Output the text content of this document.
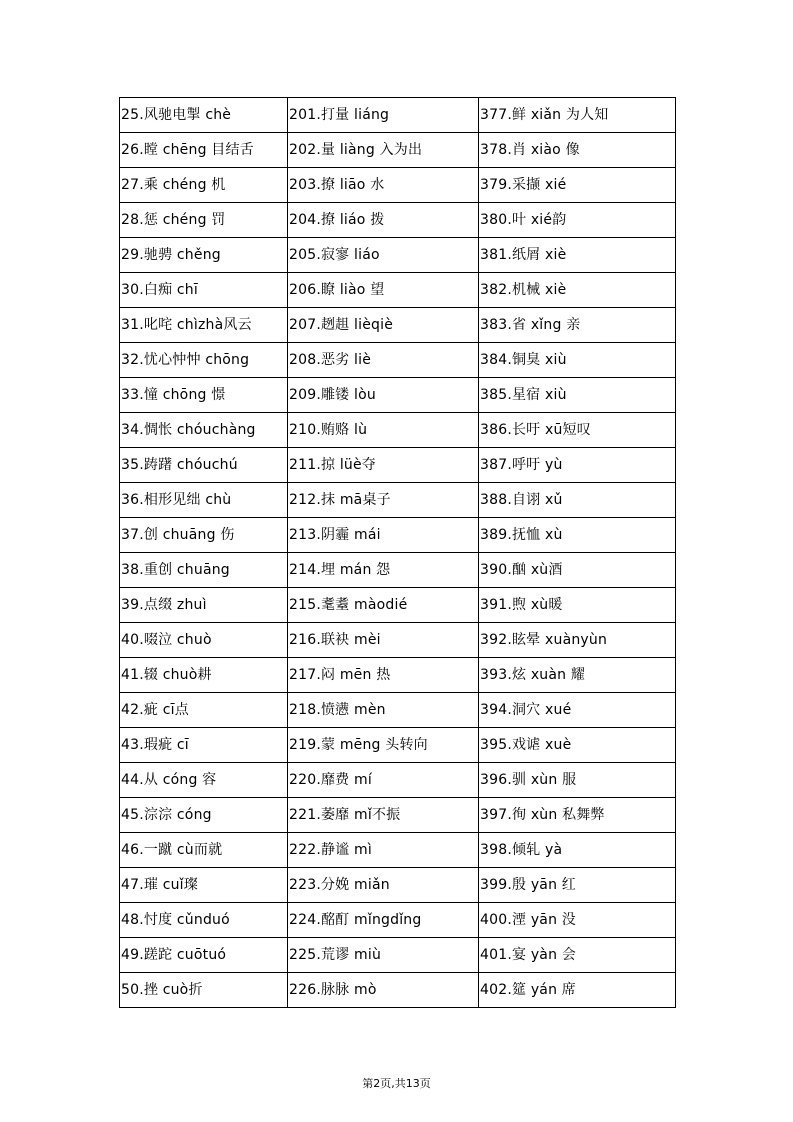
25.风驰电掣 chè	201.打量 liáng	377.鲜 xiǎn 为人知
26.瞠 chēng 目结舌	202.量 liàng 入为出	378.肖 xiào 像
27.乘 chéng 机	203.撩 liāo 水	379.采撷 xié
28.惩 chéng 罚	204.撩 liáo 拨	380.叶 xié韵
29.驰骋 chěng	205.寂寥 liáo	381.纸屑 xiè
30.白痴 chī	206.瞭 liào 望	382.机械 xiè
31.叱咤 chìzhà风云	207.趔趄 lièqiè	383.省 xǐng 亲
32.忧心忡忡 chōng	208.恶劣 liè	384.铜臭 xiù
33.憧 chōng 憬	209.雕镂 lòu	385.星宿 xiù
34.惆怅 chóuchàng	210.贿赂 lù	386.长吁 xū短叹
35.踌躇 chóuchú	211.掠 lüè夺	387.呼吁 yù
36.相形见绌 chù	212.抹 mā桌子	388.自诩 xǔ
37.创 chuāng 伤	213.阴霾 mái	389.抚恤 xù
38.重创 chuāng	214.埋 mán 怨	390.酗 xù酒
39.点缀 zhuì	215.耄耋 màodié	391.煦 xù暖
40.啜泣 chuò	216.联袂 mèi	392.眩晕 xuànyùn
41.辍 chuò耕	217.闷 mēn 热	393.炫 xuàn 耀
42.疵 cī点	218.愤懑 mèn	394.洞穴 xué
43.瑕疵 cī	219.蒙 mēng 头转向	395.戏谑 xuè
44.从 cóng 容	220.靡费 mí	396.驯 xùn 服
45.淙淙 cóng	221.萎靡 mǐ不振	397.徇 xùn 私舞弊
46.一蹴 cù而就	222.静谧 mì	398.倾轧 yà
47.璀 cuǐ璨	223.分娩 miǎn	399.殷 yān 红
48.忖度 cǔnduó	224.酩酊 mǐngdǐng	400.湮 yān 没
49.蹉跎 cuōtuó	225.荒谬 miù	401.宴 yàn 会
50.挫 cuò折	226.脉脉 mò	402.筵 yán 席
第2页,共13页
